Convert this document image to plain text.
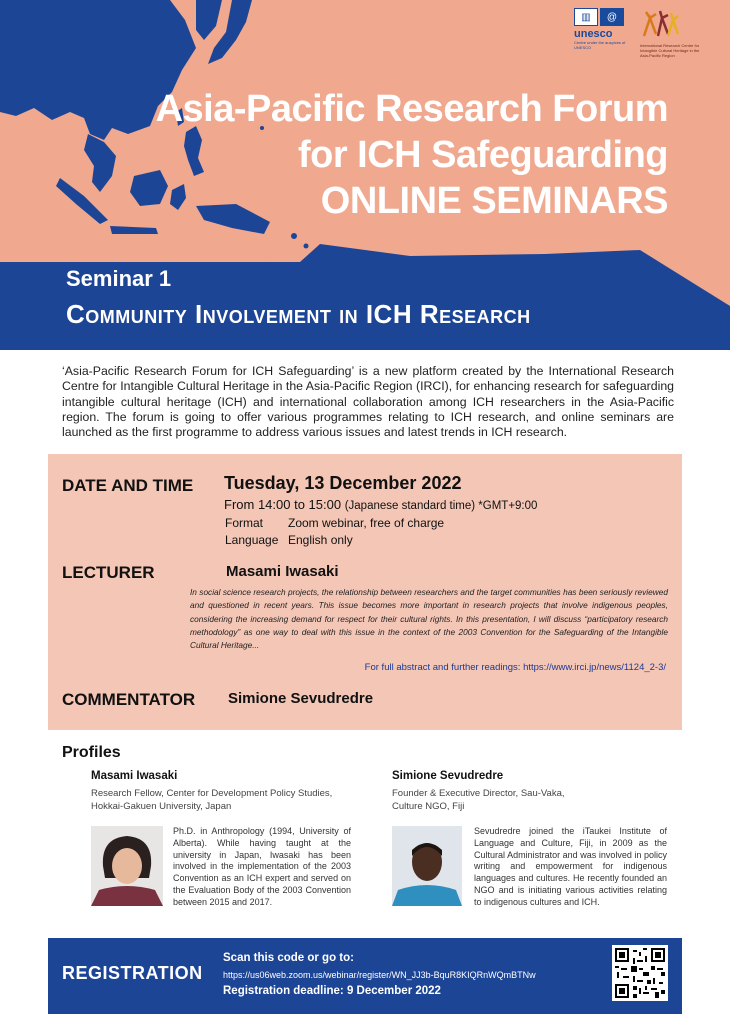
▥	@
unesco
Centre under the auspices of UNESCO	International Research Centre for Intangible Cultural Heritage in the Asia-Pacific Region
Asia-Pacific Research Forum
for ICH Safeguarding
ONLINE SEMINARS
Seminar 1
Community Involvement in ICH Research

‘Asia-Pacific Research Forum for ICH Safeguarding’ is a new platform created by the International Research Centre for Intangible Cultural Heritage in the Asia-Pacific Region (IRCI), for enhancing research for safeguarding intangible cultural heritage (ICH) and international collaboration among ICH researchers in the Asia-Pacific region. The forum is going to offer various programmes relating to ICH research, and online seminars are launched as the first programme to address various issues and latest trends in ICH research.

DATE AND TIME Tuesday, 13 December 2022
From 14:00 to 15:00 (Japanese standard time) *GMT+9:00
Format Zoom webinar, free of charge
Language English only
LECTURER	Masami Iwasaki

In social science research projects, the relationship between researchers and the target communities has been seriously reviewed and questioned in recent years. This issue becomes more important in research projects that involve indigenous peoples, considering the increasing demand for respect for their cultural rights. In this presentation, I will discuss “participatory research methodology” as one way to deal with this issue in the context of the 2003 Convention for the Safeguarding of the Intangible Cultural Heritage...

For full abstract and further readings: https://www.irci.jp/news/1124_2-3/
COMMENTATOR Simione Sevudredre
Profiles
Masami Iwasaki
Research Fellow, Center for Development Policy Studies, Hokkai-Gakuen University, Japan

Ph.D. in Anthropology (1994, University of Alberta). While having taught at the university in Japan, Iwasaki has been involved in the implementation of the 2003 Convention as an ICH expert and served on the Evaluation Body of the 2003 Convention between 2015 and 2017.

Simione Sevudredre
Founder & Executive Director, Sau-Vaka, Culture NGO, Fiji

Sevudredre joined the iTaukei Institute of Language and Culture, Fiji, in 2009 as the Cultural Administrator and was involved in policy writing and empowerment for indigenous languages and cultures. He recently founded an NGO and is initiating various activities relating to indigenous cultures and ICH.

REGISTRATION
Scan this code or go to:
https://us06web.zoom.us/webinar/register/WN_JJ3b-BquR8KIQRnWQmBTNw
Registration deadline: 9 December 2022
